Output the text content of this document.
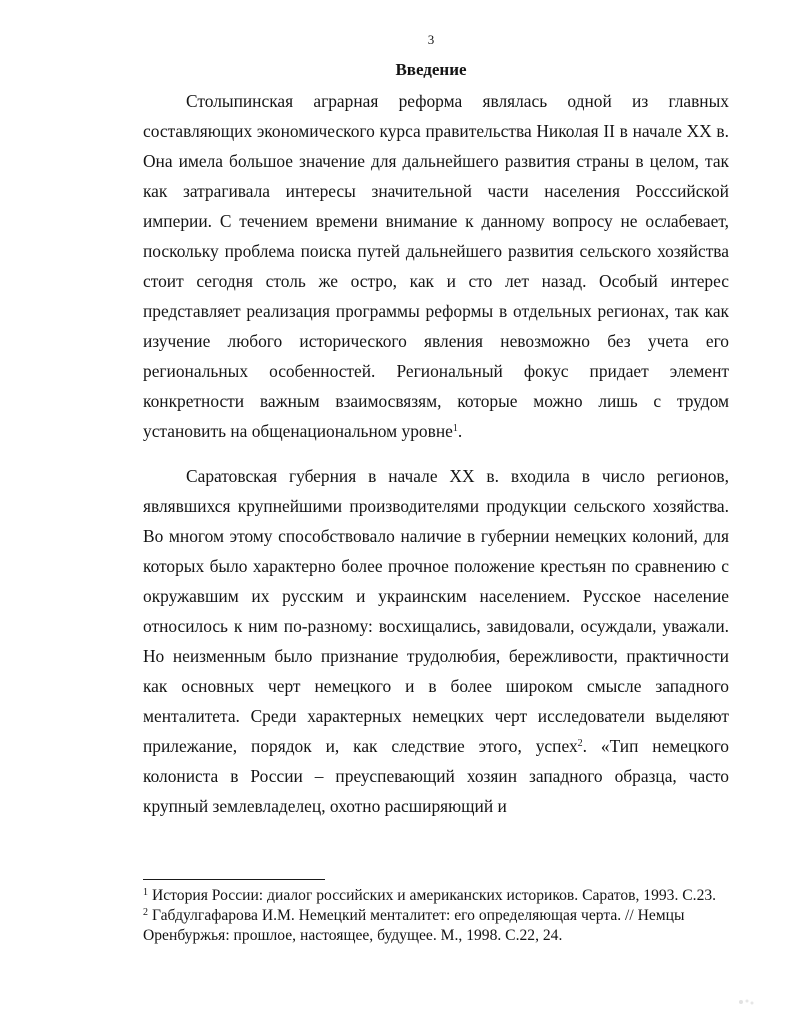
3
Введение

Столыпинская аграрная реформа являлась одной из главных составляющих экономического курса правительства Николая II в начале XX в. Она имела большое значение для дальнейшего развития страны в целом, так как затрагивала интересы значительной части населения Росссийской империи. С течением времени внимание к данному вопросу не ослабевает, поскольку проблема поиска путей дальнейшего развития сельского хозяйства стоит сегодня столь же остро, как и сто лет назад. Особый интерес представляет реализация программы реформы в отдельных регионах, так как изучение любого исторического явления невозможно без учета его региональных особенностей. Региональный фокус придает элемент конкретности важным взаимосвязям, которые можно лишь с трудом установить на общенациональном уровне$^1$.

Саратовская губерния в начале XX в. входила в число регионов, являвшихся крупнейшими производителями продукции сельского хозяйства. Во многом этому способствовало наличие в губернии немецких колоний, для которых было характерно более прочное положение крестьян по сравнению с окружавшим их русским и украинским населением. Русское население относилось к ним по-разному: восхищались, завидовали, осуждали, уважали. Но неизменным было признание трудолюбия, бережливости, практичности как основных черт немецкого и в более широком смысле западного менталитета. Среди характерных немецких черт исследователи выделяют прилежание, порядок и, как следствие этого, успех$^2$. «Тип немецкого колониста в России – преуспевающий хозяин западного образца, часто крупный землевладелец, охотно расширяющий и

$^1$ История России: диалог российских и американских историков. Саратов, 1993. С.23.
$^2$ Габдулгафарова И.М. Немецкий менталитет: его определяющая черта. // Немцы Оренбуржья: прошлое, настоящее, будущее. М., 1998. С.22, 24.
